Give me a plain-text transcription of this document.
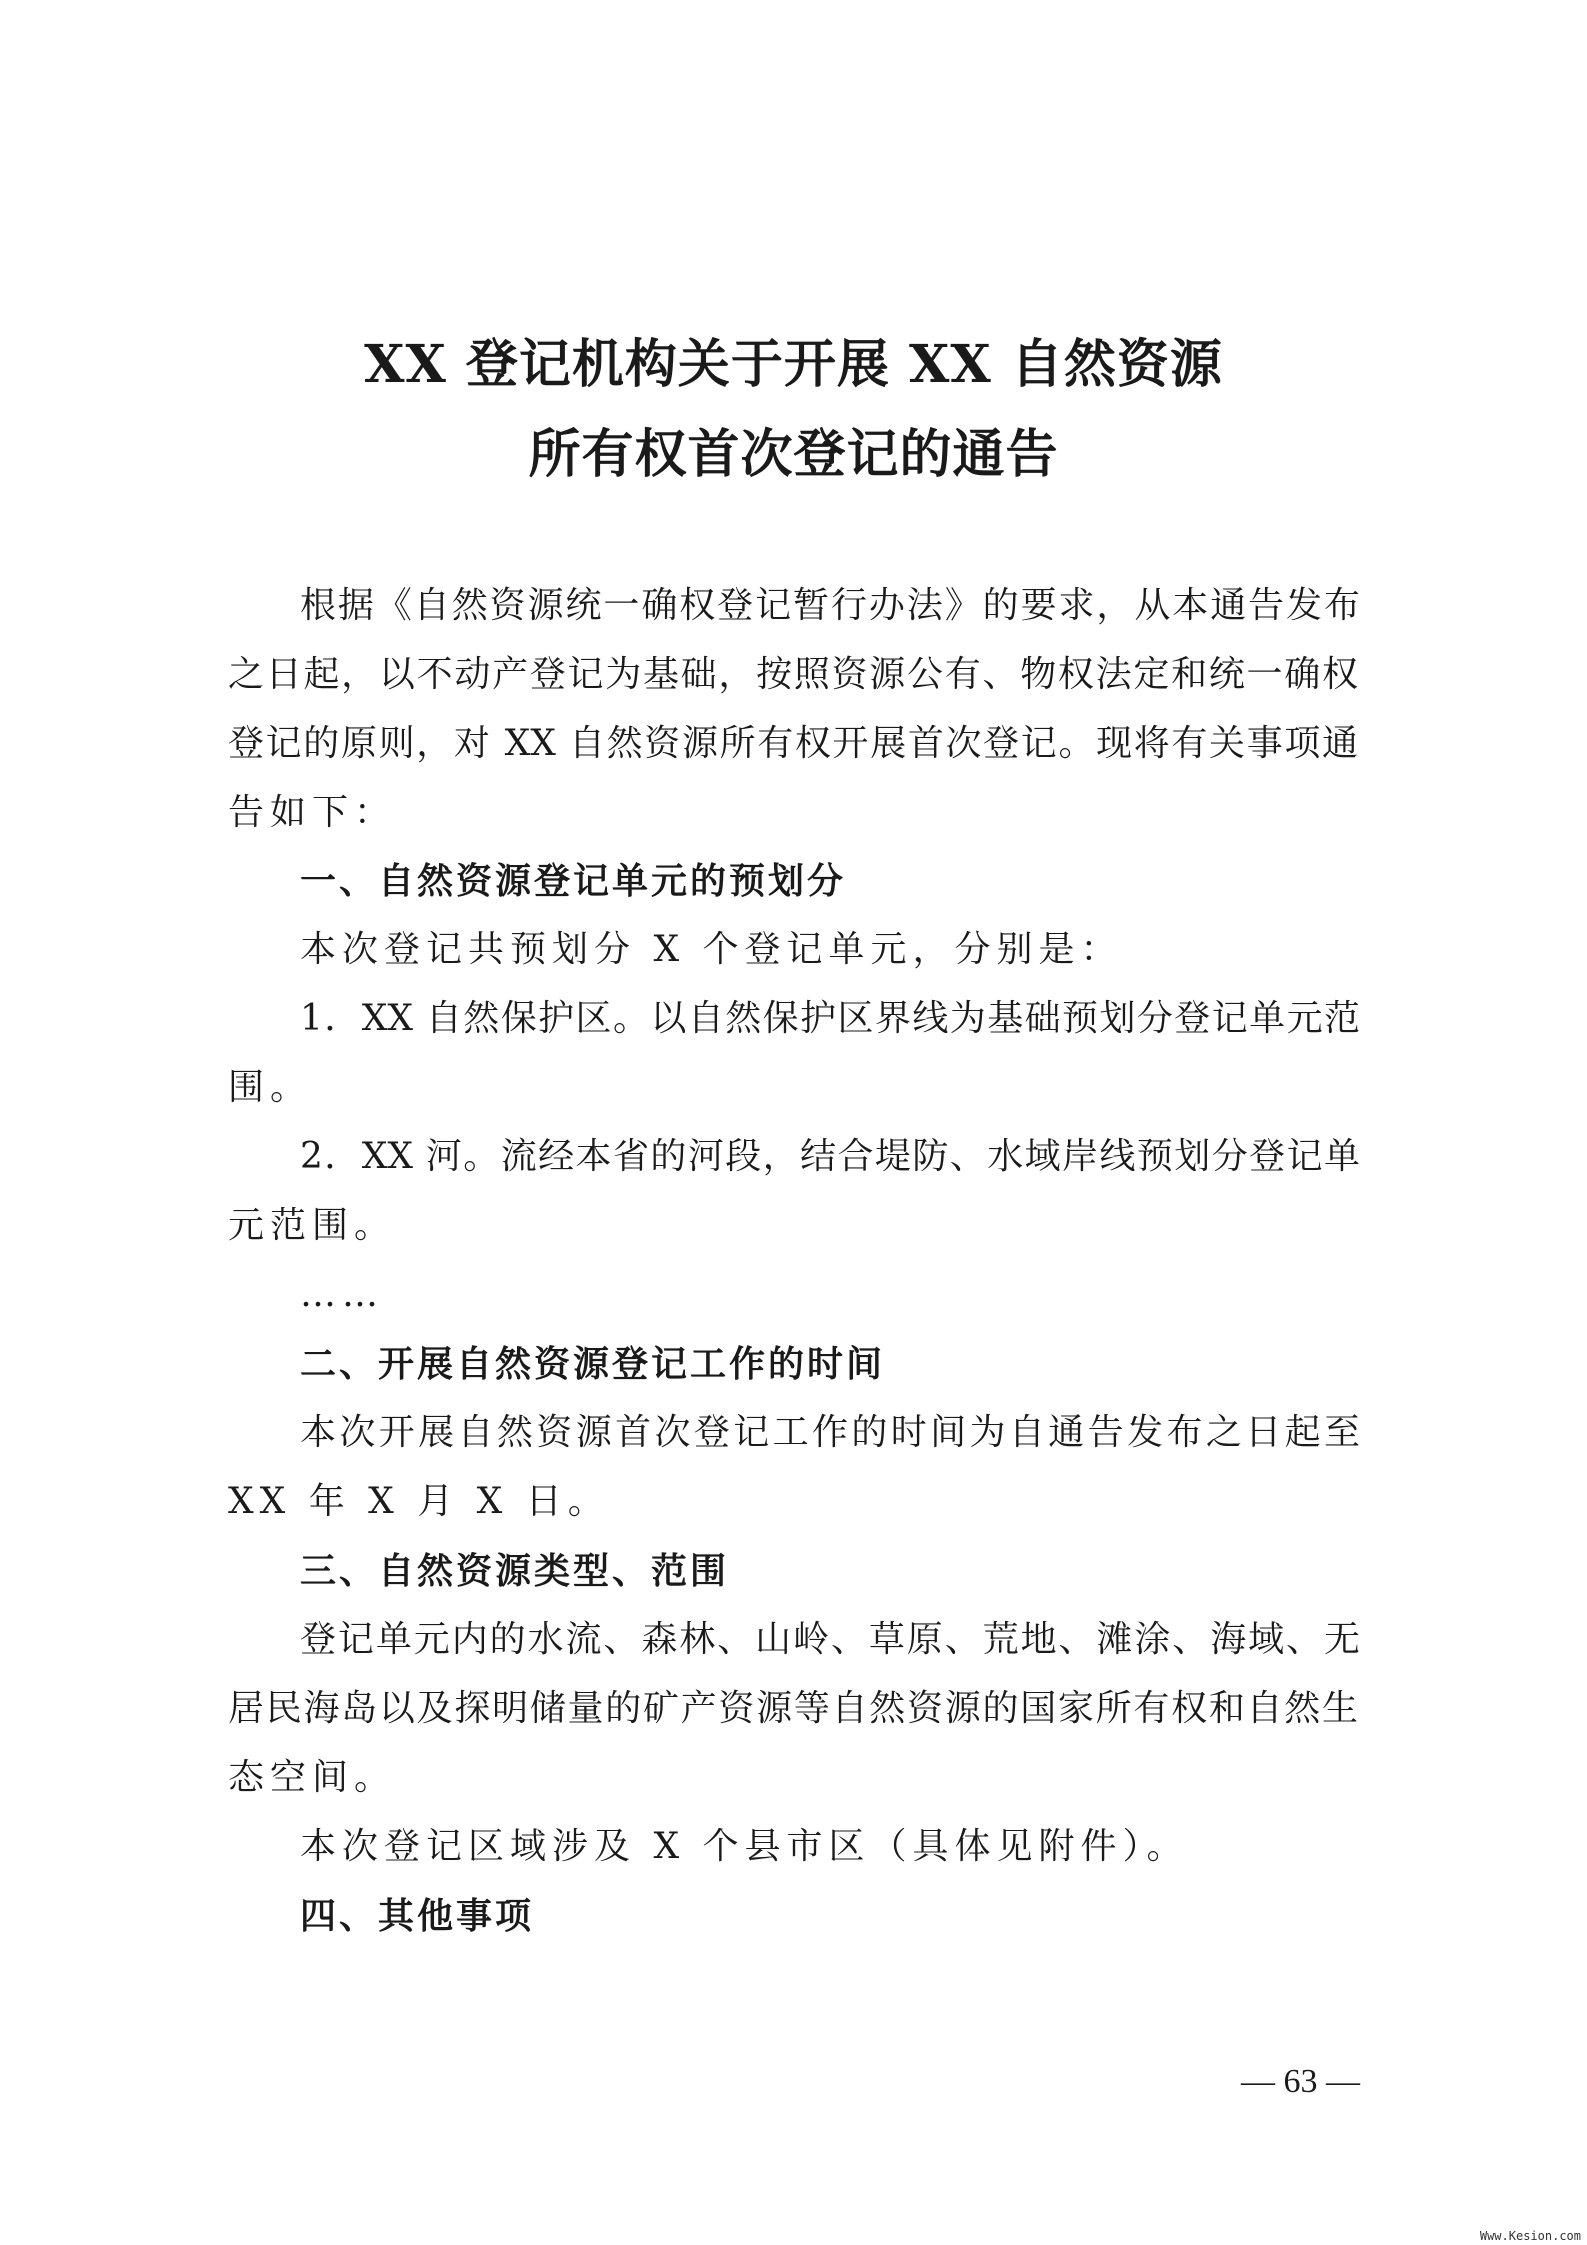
XX 登记机构关于开展 XX 自然资源
所有权首次登记的通告
根据《自然资源统一确权登记暂行办法》的要求，从本通告发布
之日起，以不动产登记为基础，按照资源公有、物权法定和统一确权
登记的原则，对 XX 自然资源所有权开展首次登记。现将有关事项通
告如下：
一、自然资源登记单元的预划分
本次登记共预划分 X 个登记单元，分别是：
1．XX 自然保护区。以自然保护区界线为基础预划分登记单元范
围。
2．XX 河。流经本省的河段，结合堤防、水域岸线预划分登记单
元范围。
……
二、开展自然资源登记工作的时间
本次开展自然资源首次登记工作的时间为自通告发布之日起至
XX 年 X 月 X 日。
三、自然资源类型、范围
登记单元内的水流、森林、山岭、草原、荒地、滩涂、海域、无
居民海岛以及探明储量的矿产资源等自然资源的国家所有权和自然生
态空间。
本次登记区域涉及 X 个县市区（具体见附件）。
四、其他事项
— 63 —
Www.Kesion.com
